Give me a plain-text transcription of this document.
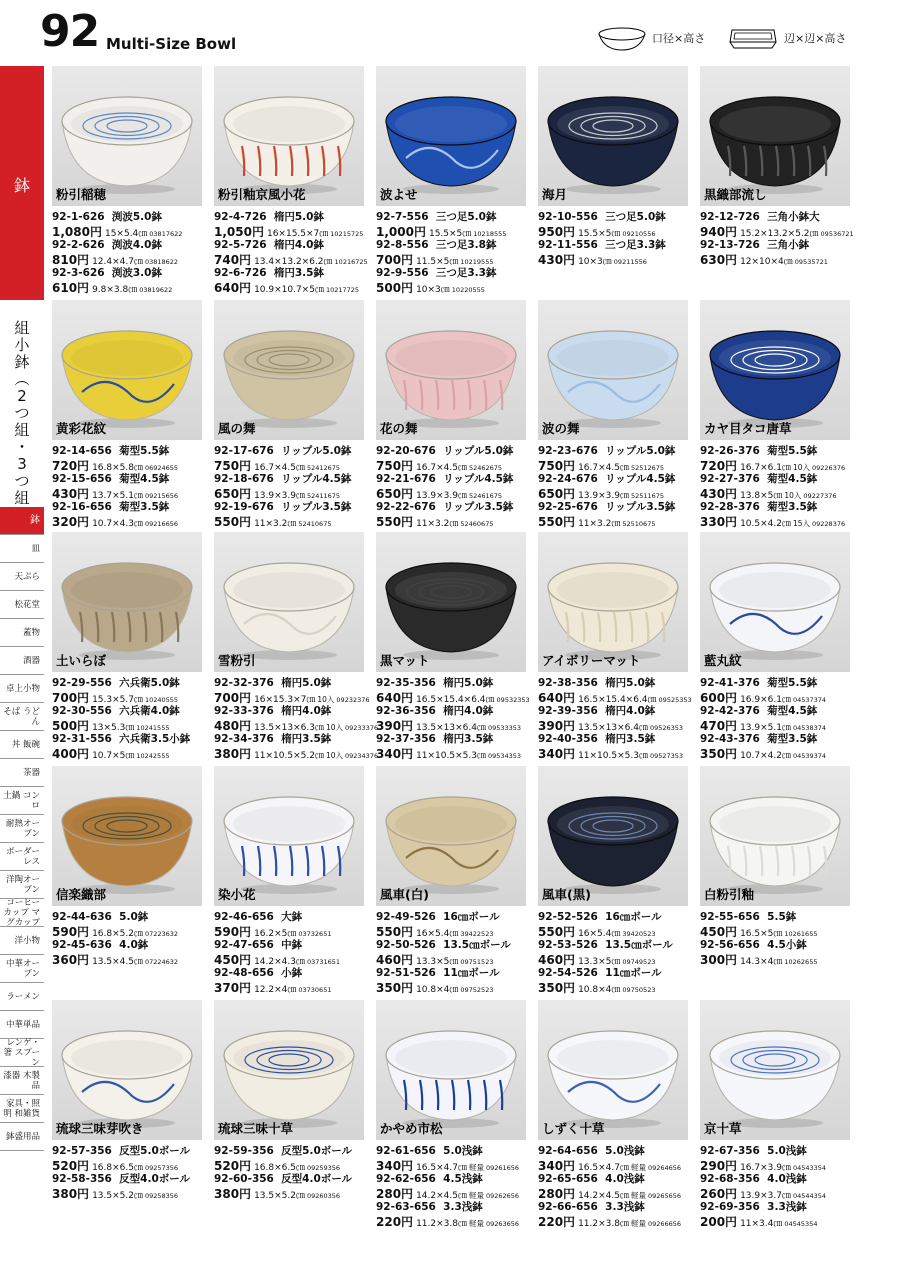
92 Multi-Size Bowl	口径×高さ	辺×辺×高さ
鉢
組
小
鉢
︵
2
つ
組
・
3
つ
組
鉢
皿
天ぷら
松花堂
蓋物
酒器
卓上小物
そば うどん
丼 飯碗
茶器
土鍋 コンロ
耐熱オーブン
ボーダーレス
洋陶オーブン
コーヒーカップ マグカップ
洋小物
中華オーブン
ラーメン
中華単品
レンゲ・箸 スプーン
漆器 木製品
家具・照明 和雑貨
鉢盛用品
粉引稲穂
92-1-626 渕波5.0鉢
1,080円 15×5.4㎝ 03817622
92-2-626 渕波4.0鉢
810円 12.4×4.7㎝ 03818622
92-3-626 渕波3.0鉢
610円 9.8×3.8㎝ 03819622
粉引釉京風小花
92-4-726 楕円5.0鉢
1,050円 16×15.5×7㎝ 10215725
92-5-726 楕円4.0鉢
740円 13.4×13.2×6.2㎝ 10216725
92-6-726 楕円3.5鉢
640円 10.9×10.7×5㎝ 10217725
波よせ
92-7-556 三つ足5.0鉢
1,000円 15.5×5㎝ 10218555
92-8-556 三つ足3.8鉢
700円 11.5×5㎝ 10219555
92-9-556 三つ足3.3鉢
500円 10×3㎝ 10220555
海月
92-10-556 三つ足5.0鉢
950円 15.5×5㎝ 09210556
92-11-556 三つ足3.3鉢
430円 10×3㎝ 09211556
黒織部流し
92-12-726 三角小鉢大
940円 15.2×13.2×5.2㎝ 09536721
92-13-726 三角小鉢
630円 12×10×4㎝ 09535721
黄彩花紋
92-14-656 菊型5.5鉢
720円 16.8×5.8㎝ 06924655
92-15-656 菊型4.5鉢
430円 13.7×5.1㎝ 09215656
92-16-656 菊型3.5鉢
320円 10.7×4.3㎝ 09216656
風の舞
92-17-676 リップル5.0鉢
750円 16.7×4.5㎝ 52412675
92-18-676 リップル4.5鉢
650円 13.9×3.9㎝ 52411675
92-19-676 リップル3.5鉢
550円 11×3.2㎝ 52410675
花の舞
92-20-676 リップル5.0鉢
750円 16.7×4.5㎝ 52462675
92-21-676 リップル4.5鉢
650円 13.9×3.9㎝ 52461675
92-22-676 リップル3.5鉢
550円 11×3.2㎝ 52460675
波の舞
92-23-676 リップル5.0鉢
750円 16.7×4.5㎝ 52512675
92-24-676 リップル4.5鉢
650円 13.9×3.9㎝ 52511675
92-25-676 リップル3.5鉢
550円 11×3.2㎝ 52510675
カヤ目タコ唐草
92-26-376 菊型5.5鉢
720円 16.7×6.1㎝ 10入 09226376
92-27-376 菊型4.5鉢
430円 13.8×5㎝ 10入 09227376
92-28-376 菊型3.5鉢
330円 10.5×4.2㎝ 15入 09228376
土いらぼ
92-29-556 六兵衛5.0鉢
700円 15.3×5.7㎝ 10240555
92-30-556 六兵衛4.0鉢
500円 13×5.3㎝ 10241555
92-31-556 六兵衛3.5小鉢
400円 10.7×5㎝ 10242555
雪粉引
92-32-376 楕円5.0鉢
700円 16×15.3×7㎝ 10入 09232376
92-33-376 楕円4.0鉢
480円 13.5×13×6.3㎝ 10入 09233376
92-34-376 楕円3.5鉢
380円 11×10.5×5.2㎝ 10入 09234376
黒マット
92-35-356 楕円5.0鉢
640円 16.5×15.4×6.4㎝ 09532353
92-36-356 楕円4.0鉢
390円 13.5×13×6.4㎝ 09533353
92-37-356 楕円3.5鉢
340円 11×10.5×5.3㎝ 09534353
アイボリーマット
92-38-356 楕円5.0鉢
640円 16.5×15.4×6.4㎝ 09525353
92-39-356 楕円4.0鉢
390円 13.5×13×6.4㎝ 09526353
92-40-356 楕円3.5鉢
340円 11×10.5×5.3㎝ 09527353
藍丸紋
92-41-376 菊型5.5鉢
600円 16.9×6.1㎝ 04537374
92-42-376 菊型4.5鉢
470円 13.9×5.1㎝ 04538374
92-43-376 菊型3.5鉢
350円 10.7×4.2㎝ 04539374
信楽織部
92-44-636 5.0鉢
590円 16.8×5.2㎝ 07223632
92-45-636 4.0鉢
360円 13.5×4.5㎝ 07224632
染小花
92-46-656 大鉢
590円 16.2×5㎝ 03732651
92-47-656 中鉢
450円 14.2×4.3㎝ 03731651
92-48-656 小鉢
370円 12.2×4㎝ 03730651
風車(白)
92-49-526 16㎝ボール
550円 16×5.4㎝ 39422523
92-50-526 13.5㎝ボール
460円 13.3×5㎝ 09751523
92-51-526 11㎝ボール
350円 10.8×4㎝ 09752523
風車(黒)
92-52-526 16㎝ボール
550円 16×5.4㎝ 39420523
92-53-526 13.5㎝ボール
460円 13.3×5㎝ 09749523
92-54-526 11㎝ボール
350円 10.8×4㎝ 09750523
白粉引釉
92-55-656 5.5鉢
450円 16.5×5㎝ 10261655
92-56-656 4.5小鉢
300円 14.3×4㎝ 10262655
琉球三味芽吹き
92-57-356 反型5.0ボール
520円 16.8×6.5㎝ 09257356
92-58-356 反型4.0ボール
380円 13.5×5.2㎝ 09258356
琉球三味十草
92-59-356 反型5.0ボール
520円 16.8×6.5㎝ 09259356
92-60-356 反型4.0ボール
380円 13.5×5.2㎝ 09260356
かやめ市松
92-61-656 5.0浅鉢
340円 16.5×4.7㎝ 軽量 09261656
92-62-656 4.5浅鉢
280円 14.2×4.5㎝ 軽量 09262656
92-63-656 3.3浅鉢
220円 11.2×3.8㎝ 軽量 09263656
しずく十草
92-64-656 5.0浅鉢
340円 16.5×4.7㎝ 軽量 09264656
92-65-656 4.0浅鉢
280円 14.2×4.5㎝ 軽量 09265656
92-66-656 3.3浅鉢
220円 11.2×3.8㎝ 軽量 09266656
京十草
92-67-356 5.0浅鉢
290円 16.7×3.9㎝ 04543354
92-68-356 4.0浅鉢
260円 13.9×3.7㎝ 04544354
92-69-356 3.3浅鉢
200円 11×3.4㎝ 04545354
